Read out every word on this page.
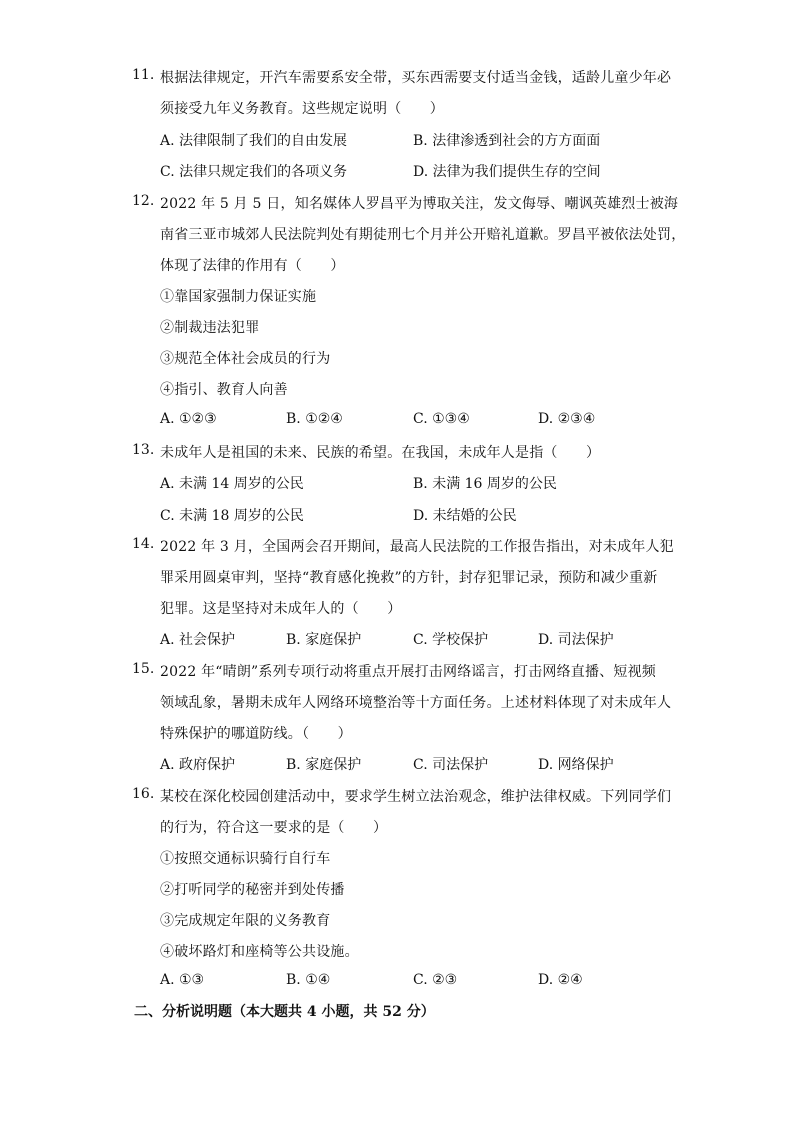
11. 根据法律规定，开汽车需要系安全带，买东西需要支付适当金钱，适龄儿童少年必
须接受九年义务教育。这些规定说明（　　）
A. 法律限制了我们的自由发展	B. 法律渗透到社会的方方面面
C. 法律只规定我们的各项义务	D. 法律为我们提供生存的空间
12. 2022 年 5 月 5 日，知名媒体人罗昌平为博取关注，发文侮辱、嘲讽英雄烈士被海
南省三亚市城郊人民法院判处有期徒刑七个月并公开赔礼道歉。罗昌平被依法处罚，
体现了法律的作用有（　　）
①靠国家强制力保证实施
②制裁违法犯罪
③规范全体社会成员的行为
④指引、教育人向善
A. ①②③	B. ①②④	C. ①③④	D. ②③④
13. 未成年人是祖国的未来、民族的希望。在我国，未成年人是指（　　）
A. 未满 14 周岁的公民	B. 未满 16 周岁的公民
C. 未满 18 周岁的公民	D. 未结婚的公民
14. 2022 年 3 月，全国两会召开期间，最高人民法院的工作报告指出，对未成年人犯
罪采用圆桌审判，坚持“教育感化挽救”的方针，封存犯罪记录，预防和减少重新
犯罪。这是坚持对未成年人的（　　）
A. 社会保护	B. 家庭保护	C. 学校保护	D. 司法保护
15. 2022 年“晴朗”系列专项行动将重点开展打击网络谣言，打击网络直播、短视频
领域乱象，暑期未成年人网络环境整治等十方面任务。上述材料体现了对未成年人
特殊保护的哪道防线。（　　）
A. 政府保护	B. 家庭保护	C. 司法保护	D. 网络保护
16. 某校在深化校园创建活动中，要求学生树立法治观念，维护法律权威。下列同学们
的行为，符合这一要求的是（　　）
①按照交通标识骑行自行车
②打听同学的秘密并到处传播
③完成规定年限的义务教育
④破坏路灯和座椅等公共设施。
A. ①③	B. ①④	C. ②③	D. ②④
二、分析说明题（本大题共 4 小题，共 52 分）
